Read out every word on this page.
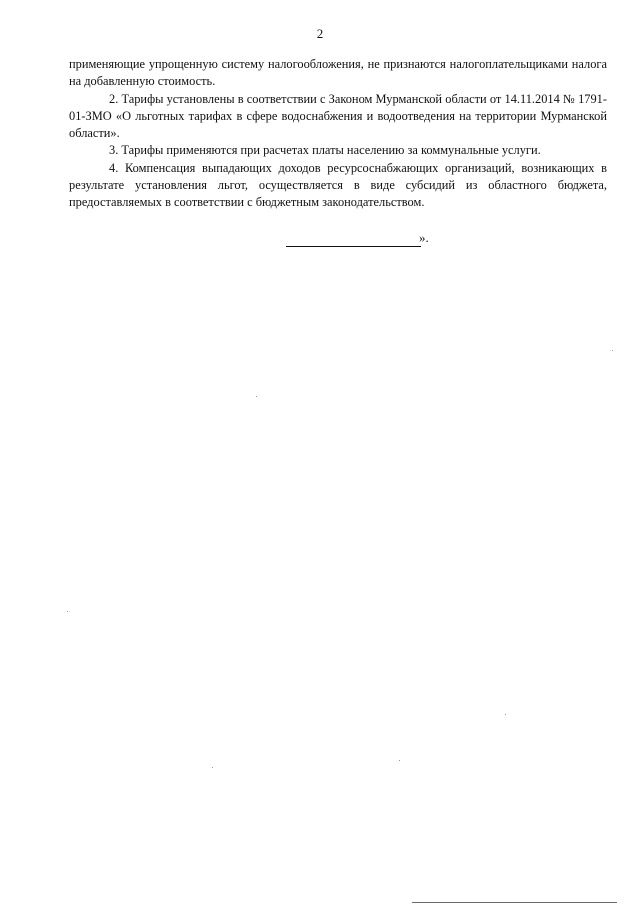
2

применяющие упрощенную систему налогообложения, не признаются налогоплательщиками налога на добавленную стоимость.

2. Тарифы установлены в соответствии с Законом Мурманской области от 14.11.2014 № 1791-01-ЗМО «О льготных тарифах в сфере водоснабжения и водоотведения на территории Мурманской области».

3. Тарифы применяются при расчетах платы населению за коммунальные услуги.

4. Компенсация выпадающих доходов ресурсоснабжающих организаций, возникающих в результате установления льгот, осуществляется в виде субсидий из областного бюджета, предоставляемых в соответствии с бюджетным законодательством.

».
